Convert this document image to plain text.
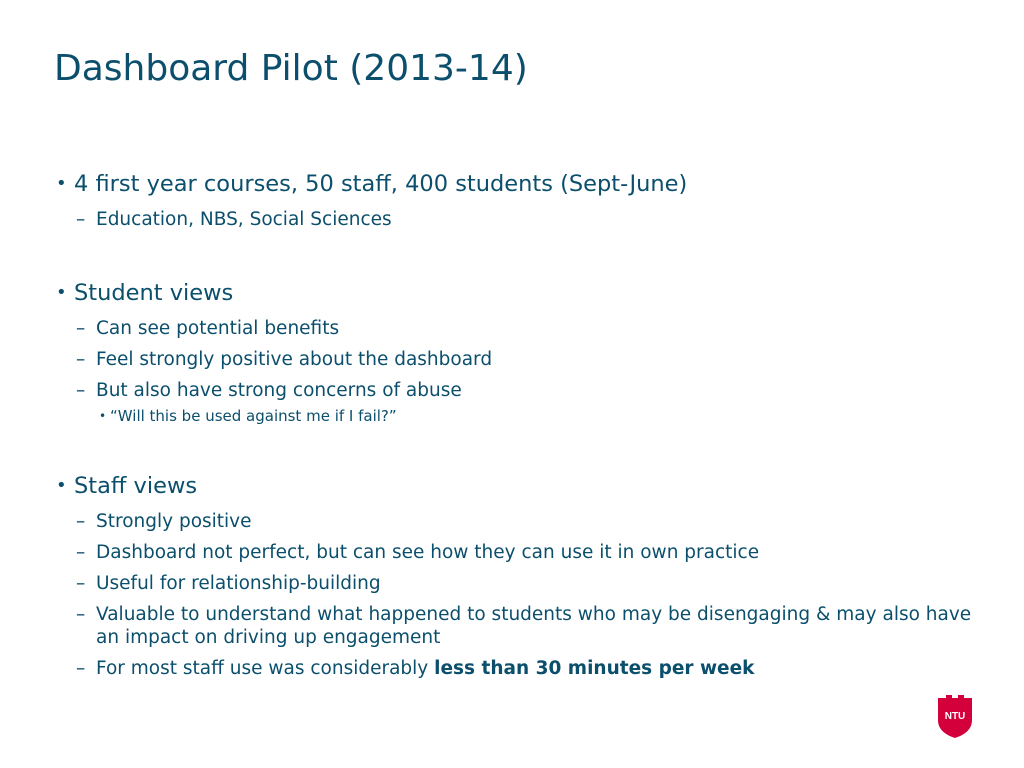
Dashboard Pilot (2013-14)
• 4 first year courses, 50 staff, 400 students (Sept-June)
– Education, NBS, Social Sciences
• Student views
– Can see potential benefits
– Feel strongly positive about the dashboard
– But also have strong concerns of abuse
• “Will this be used against me if I fail?”
• Staff views
– Strongly positive
– Dashboard not perfect, but can see how they can use it in own practice
– Useful for relationship-building
– Valuable to understand what happened to students who may be disengaging & may also have an impact on driving up engagement
– For most staff use was considerably less than 30 minutes per week
NTU
